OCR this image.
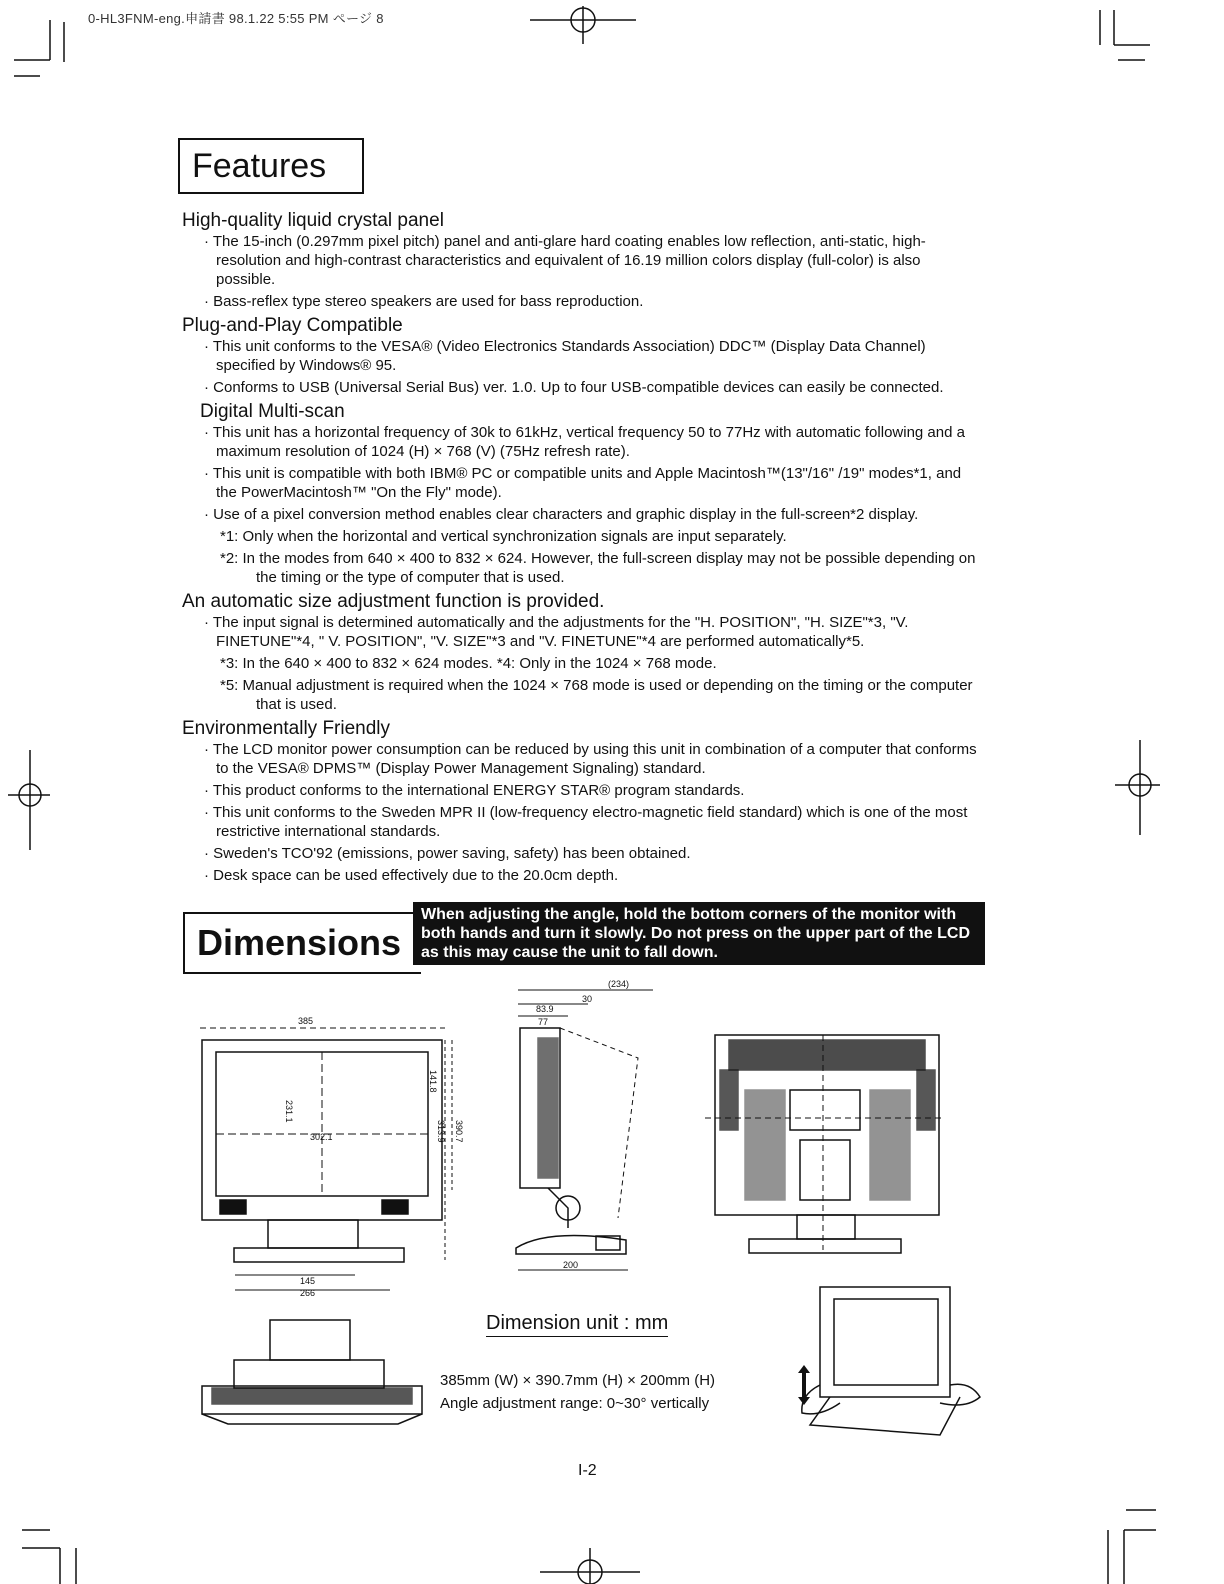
0-HL3FNM-eng.申請書 98.1.22 5:55 PM ページ 8
Features
High-quality liquid crystal panel

· The 15-inch (0.297mm pixel pitch) panel and anti-glare hard coating enables low reflection, anti-static, high-resolution and high-contrast characteristics and equivalent of 16.19 million colors display (full-color) is also possible.

· Bass-reflex type stereo speakers are used for bass reproduction.

Plug-and-Play Compatible

· This unit conforms to the VESA® (Video Electronics Standards Association) DDC™ (Display Data Channel) specified by Windows® 95.

· Conforms to USB (Universal Serial Bus) ver. 1.0. Up to four USB-compatible devices can easily be connected.

Digital Multi-scan

· This unit has a horizontal frequency of 30k to 61kHz, vertical frequency 50 to 77Hz with automatic following and a maximum resolution of 1024 (H) × 768 (V) (75Hz refresh rate).

· This unit is compatible with both IBM® PC or compatible units and Apple Macintosh™(13"/16" /19" modes*1, and the PowerMacintosh™ "On the Fly" mode).

· Use of a pixel conversion method enables clear characters and graphic display in the full-screen*2 display.

*1: Only when the horizontal and vertical synchronization signals are input separately.

*2: In the modes from 640 × 400 to 832 × 624. However, the full-screen display may not be possible depending on the timing or the type of computer that is used.

An automatic size adjustment function is provided.

· The input signal is determined automatically and the adjustments for the "H. POSITION", "H. SIZE"*3, "V. FINETUNE"*4, " V. POSITION", "V. SIZE"*3 and "V. FINETUNE"*4 are performed automatically*5.

*3: In the 640 × 400 to 832 × 624 modes. *4: Only in the 1024 × 768 mode.

*5: Manual adjustment is required when the 1024 × 768 mode is used or depending on the timing or the computer that is used.

Environmentally Friendly

· The LCD monitor power consumption can be reduced by using this unit in combination of a computer that conforms to the VESA® DPMS™ (Display Power Management Signaling) standard.

· This product conforms to the international ENERGY STAR® program standards.

· This unit conforms to the Sweden MPR II (low-frequency electro-magnetic field standard) which is one of the most restrictive international standards.

· Sweden's TCO'92 (emissions, power saving, safety) has been obtained.

· Desk space can be used effectively due to the 20.0cm depth.

Dimensions
When adjusting the angle, hold the bottom corners of the monitor with both hands and turn it slowly. Do not press on the upper part of the LCD as this may cause the unit to fall down.
385
302.1
231.1
141.8
313.9 390.7
145
266
(234)
30
83.9
77
200
Dimension unit : mm
385mm (W) × 390.7mm (H) × 200mm (H)
Angle adjustment range: 0~30° vertically
I-2
